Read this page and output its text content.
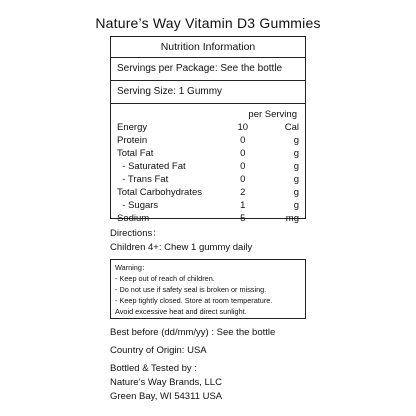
Nature’s Way Vitamin D3 Gummies
Nutrition Information
Servings per Package: See the bottle
Serving Size: 1 Gummy
per Serving
Energy	10	Cal
Protein	0	g
Total Fat	0	g
- Saturated Fat	0	g
- Trans Fat	0	g
Total Carbohydrates	2	g
- Sugars	1	g
Sodium	5	mg
Directions：
Children 4+: Chew 1 gummy daily
Warning：
- Keep out of reach of children.
- Do not use if safety seal is broken or missing.
- Keep tightly closed. Store at room temperature.
Avoid excessive heat and direct sunlight.
Best before (dd/mm/yy) : See the bottle
Country of Origin: USA
Bottled & Tested by :
Nature’s Way Brands, LLC
Green Bay, WI 54311 USA
